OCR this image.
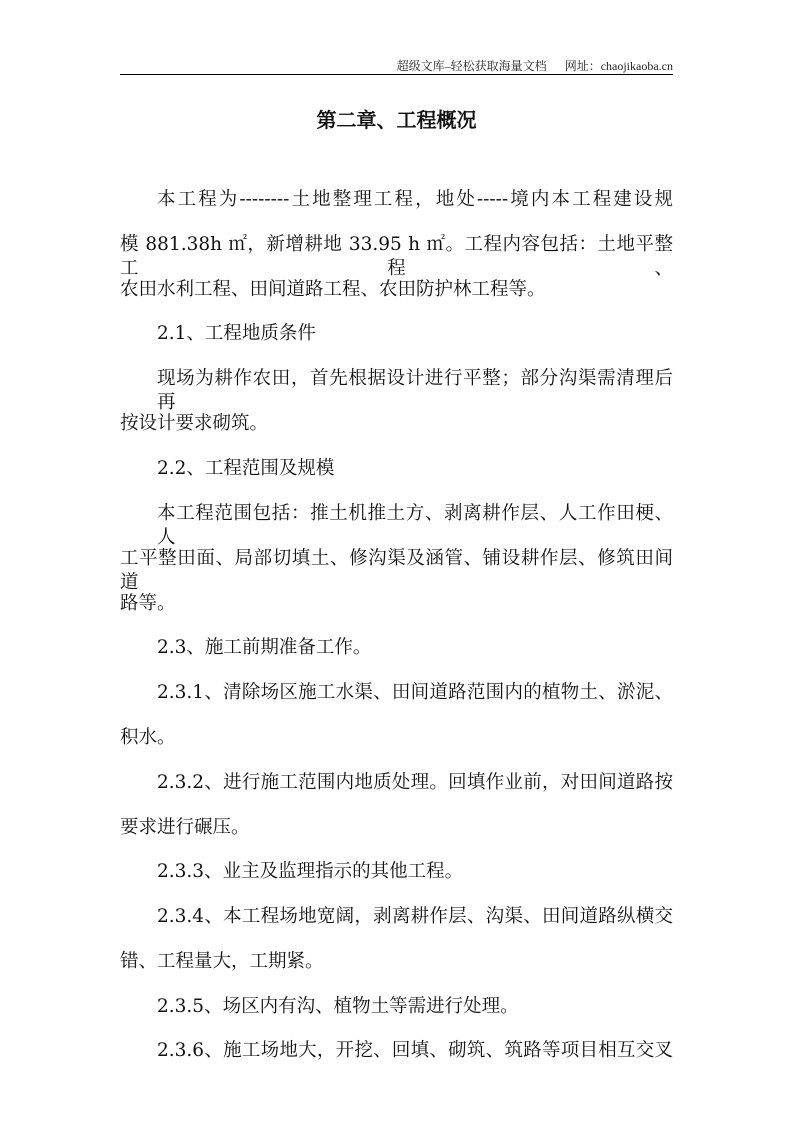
超级文库–轻松获取海量文档 网址：chaojikaoba.cn
第二章、工程概况
本工程为--------土地整理工程，地处-----境内本工程建设规
模 881.38h ㎡，新增耕地 33.95 h ㎡。工程内容包括：土地平整工程、
农田水利工程、田间道路工程、农田防护林工程等。
2.1、工程地质条件
现场为耕作农田，首先根据设计进行平整；部分沟渠需清理后再
按设计要求砌筑。
2.2、工程范围及规模
本工程范围包括：推土机推土方、剥离耕作层、人工作田梗、人
工平整田面、局部切填土、修沟渠及涵管、铺设耕作层、修筑田间道
路等。
2.3、施工前期准备工作。
2.3.1、清除场区施工水渠、田间道路范围内的植物土、淤泥、
积水。
2.3.2、进行施工范围内地质处理。回填作业前，对田间道路按
要求进行碾压。
2.3.3、业主及监理指示的其他工程。
2.3.4、本工程场地宽阔，剥离耕作层、沟渠、田间道路纵横交
错、工程量大，工期紧。
2.3.5、场区内有沟、植物土等需进行处理。
2.3.6、施工场地大，开挖、回填、砌筑、筑路等项目相互交叉
